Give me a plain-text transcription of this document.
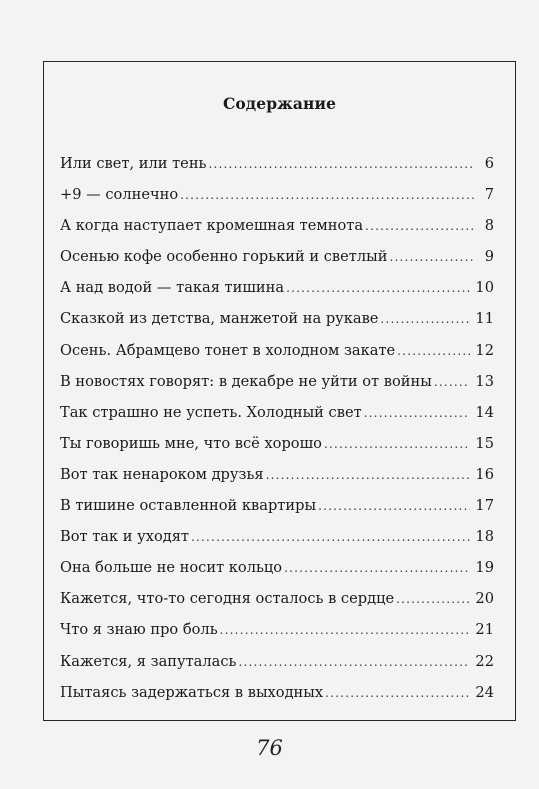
Содержание
Или свет, или тень .....	6
+9 — солнечно .....	7
А когда наступает кромешная темнота .....	8
Осенью кофе особенно горький и светлый .....	9
А над водой — такая тишина .....	10
Сказкой из детства, манжетой на рукаве .....	11
Осень. Абрамцево тонет в холодном закате .....	12
В новостях говорят: в декабре не уйти от войны .....	13
Так страшно не успеть. Холодный свет .....	14
Ты говоришь мне, что всё хорошо .....	15
Вот так ненароком друзья .....	16
В тишине оставленной квартиры .....	17
Вот так и уходят .....	18
Она больше не носит кольцо .....	19
Кажется, что-то сегодня осталось в сердце .....	20
Что я знаю про боль .....	21
Кажется, я запуталась .....	22
Пытаясь задержаться в выходных .....	24
76
